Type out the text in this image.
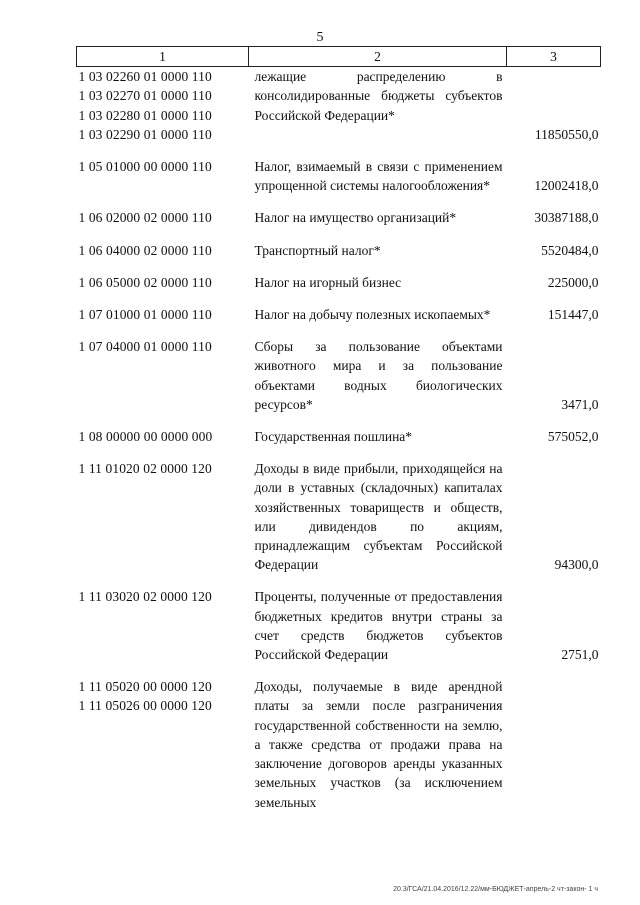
5
1	2	3
1 03 02260 01 0000 110
1 03 02270 01 0000 110
1 03 02280 01 0000 110
1 03 02290 01 0000 110	лежащие распределению в консолидированные бюджеты субъектов Российской Федерации*	11850550,0

1 05 01000 00 0000 110	Налог, взимаемый в связи с применением упрощенной системы налогообложения*	12002418,0

1 06 02000 02 0000 110	Налог на имущество организаций*	30387188,0

1 06 04000 02 0000 110	Транспортный налог*	5520484,0

1 06 05000 02 0000 110	Налог на игорный бизнес	225000,0

1 07 01000 01 0000 110	Налог на добычу полезных ископаемых*	151447,0

1 07 04000 01 0000 110	Сборы за пользование объектами животного мира и за пользование объектами водных биологических ресурсов*	3471,0

1 08 00000 00 0000 000	Государственная пошлина*	575052,0

1 11 01020 02 0000 120	Доходы в виде прибыли, приходящейся на доли в уставных (складочных) капиталах хозяйственных товариществ и обществ, или дивидендов по акциям, принадлежащим субъектам Российской Федерации	94300,0

1 11 03020 02 0000 120	Проценты, полученные от предоставления бюджетных кредитов внутри страны за счет средств бюджетов субъектов Российской Федерации	2751,0

1 11 05020 00 0000 120
1 11 05026 00 0000 120	Доходы, получаемые в виде арендной платы за земли после разграничения государственной собственности на землю, а также средства от продажи права на заключение договоров аренды указанных земельных участков (за исключением земельных	
20.3/ГСА/21.04.2016/12.22/мм-БЮДЖЕТ-апрель-2 чт-закон- 1 ч
